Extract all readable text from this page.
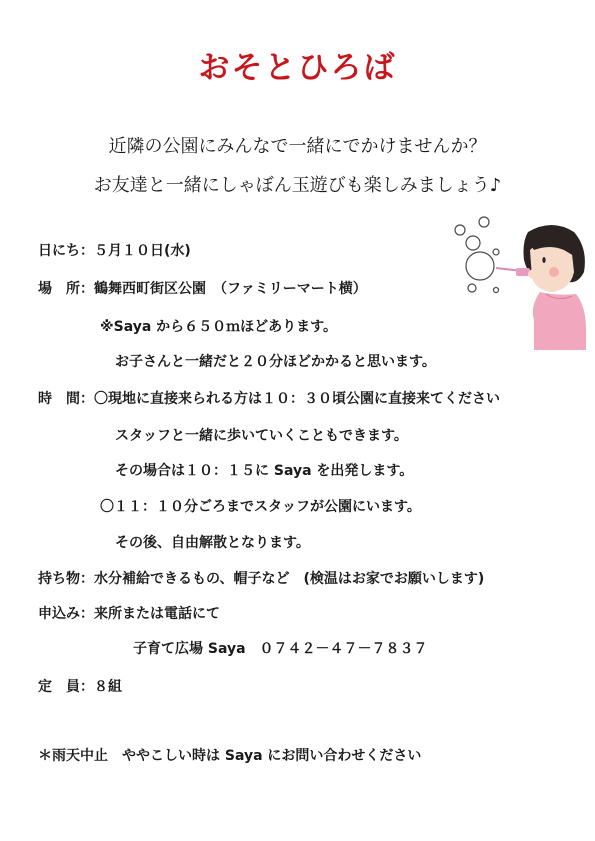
おそとひろば
近隣の公園にみんなで一緒にでかけませんか？
お友達と一緒にしゃぼん玉遊びも楽しみましょう♪
日にち：５月１０日(水)
場　所：鶴舞西町街区公園　（ファミリーマート横）
※Saya から６５０ｍほどあります。
お子さんと一緒だと２０分ほどかかると思います。
時　間：〇現地に直接来られる方は１０：３０頃公園に直接来てください
スタッフと一緒に歩いていくこともできます。
その場合は１０：１５に Saya を出発します。
〇１１：１０分ごろまでスタッフが公園にいます。
その後、自由解散となります。
持ち物：水分補給できるもの、帽子など　(検温はお家でお願いします)
申込み：来所または電話にて
子育て広場 Saya　０７４２－４７－７８３７
定　員：８組
＊雨天中止　ややこしい時は Saya にお問い合わせください
